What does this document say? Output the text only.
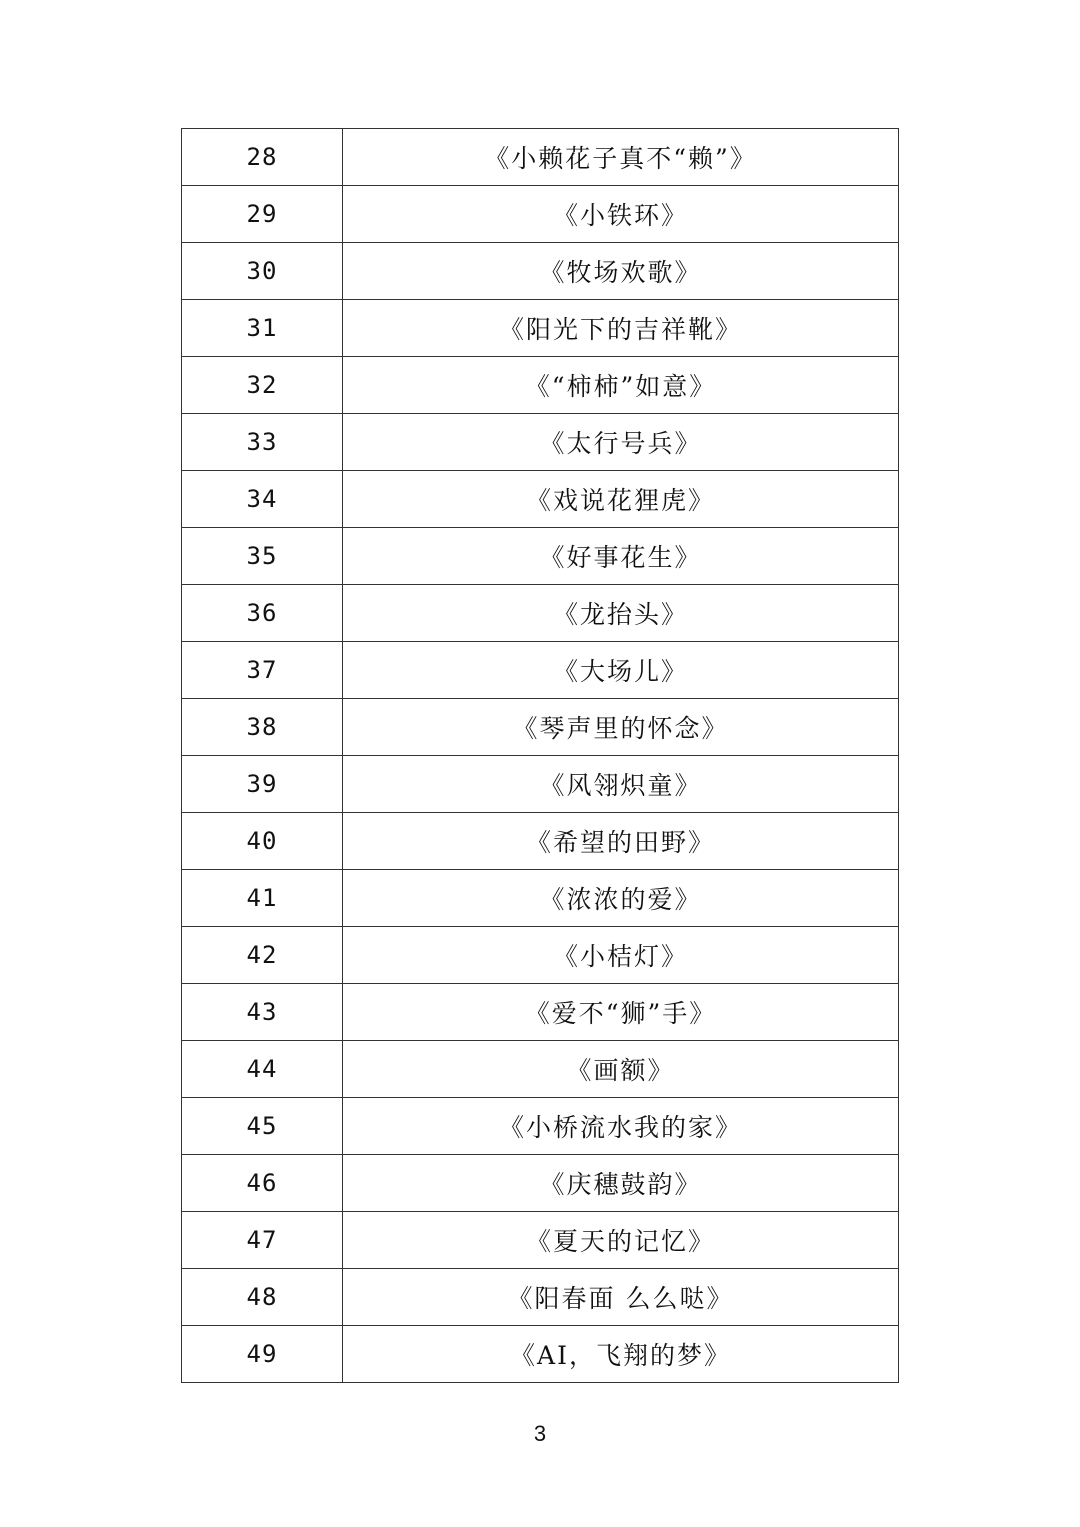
28	《小赖花子真不“赖”》
29	《小铁环》
30	《牧场欢歌》
31	《阳光下的吉祥靴》
32	《“柿柿”如意》
33	《太行号兵》
34	《戏说花狸虎》
35	《好事花生》
36	《龙抬头》
37	《大场儿》
38	《琴声里的怀念》
39	《风翎炽童》
40	《希望的田野》
41	《浓浓的爱》
42	《小桔灯》
43	《爱不“狮”手》
44	《画额》
45	《小桥流水我的家》
46	《庆穗鼓韵》
47	《夏天的记忆》
48	《阳春面 么么哒》
49	《AI，飞翔的梦》
3
